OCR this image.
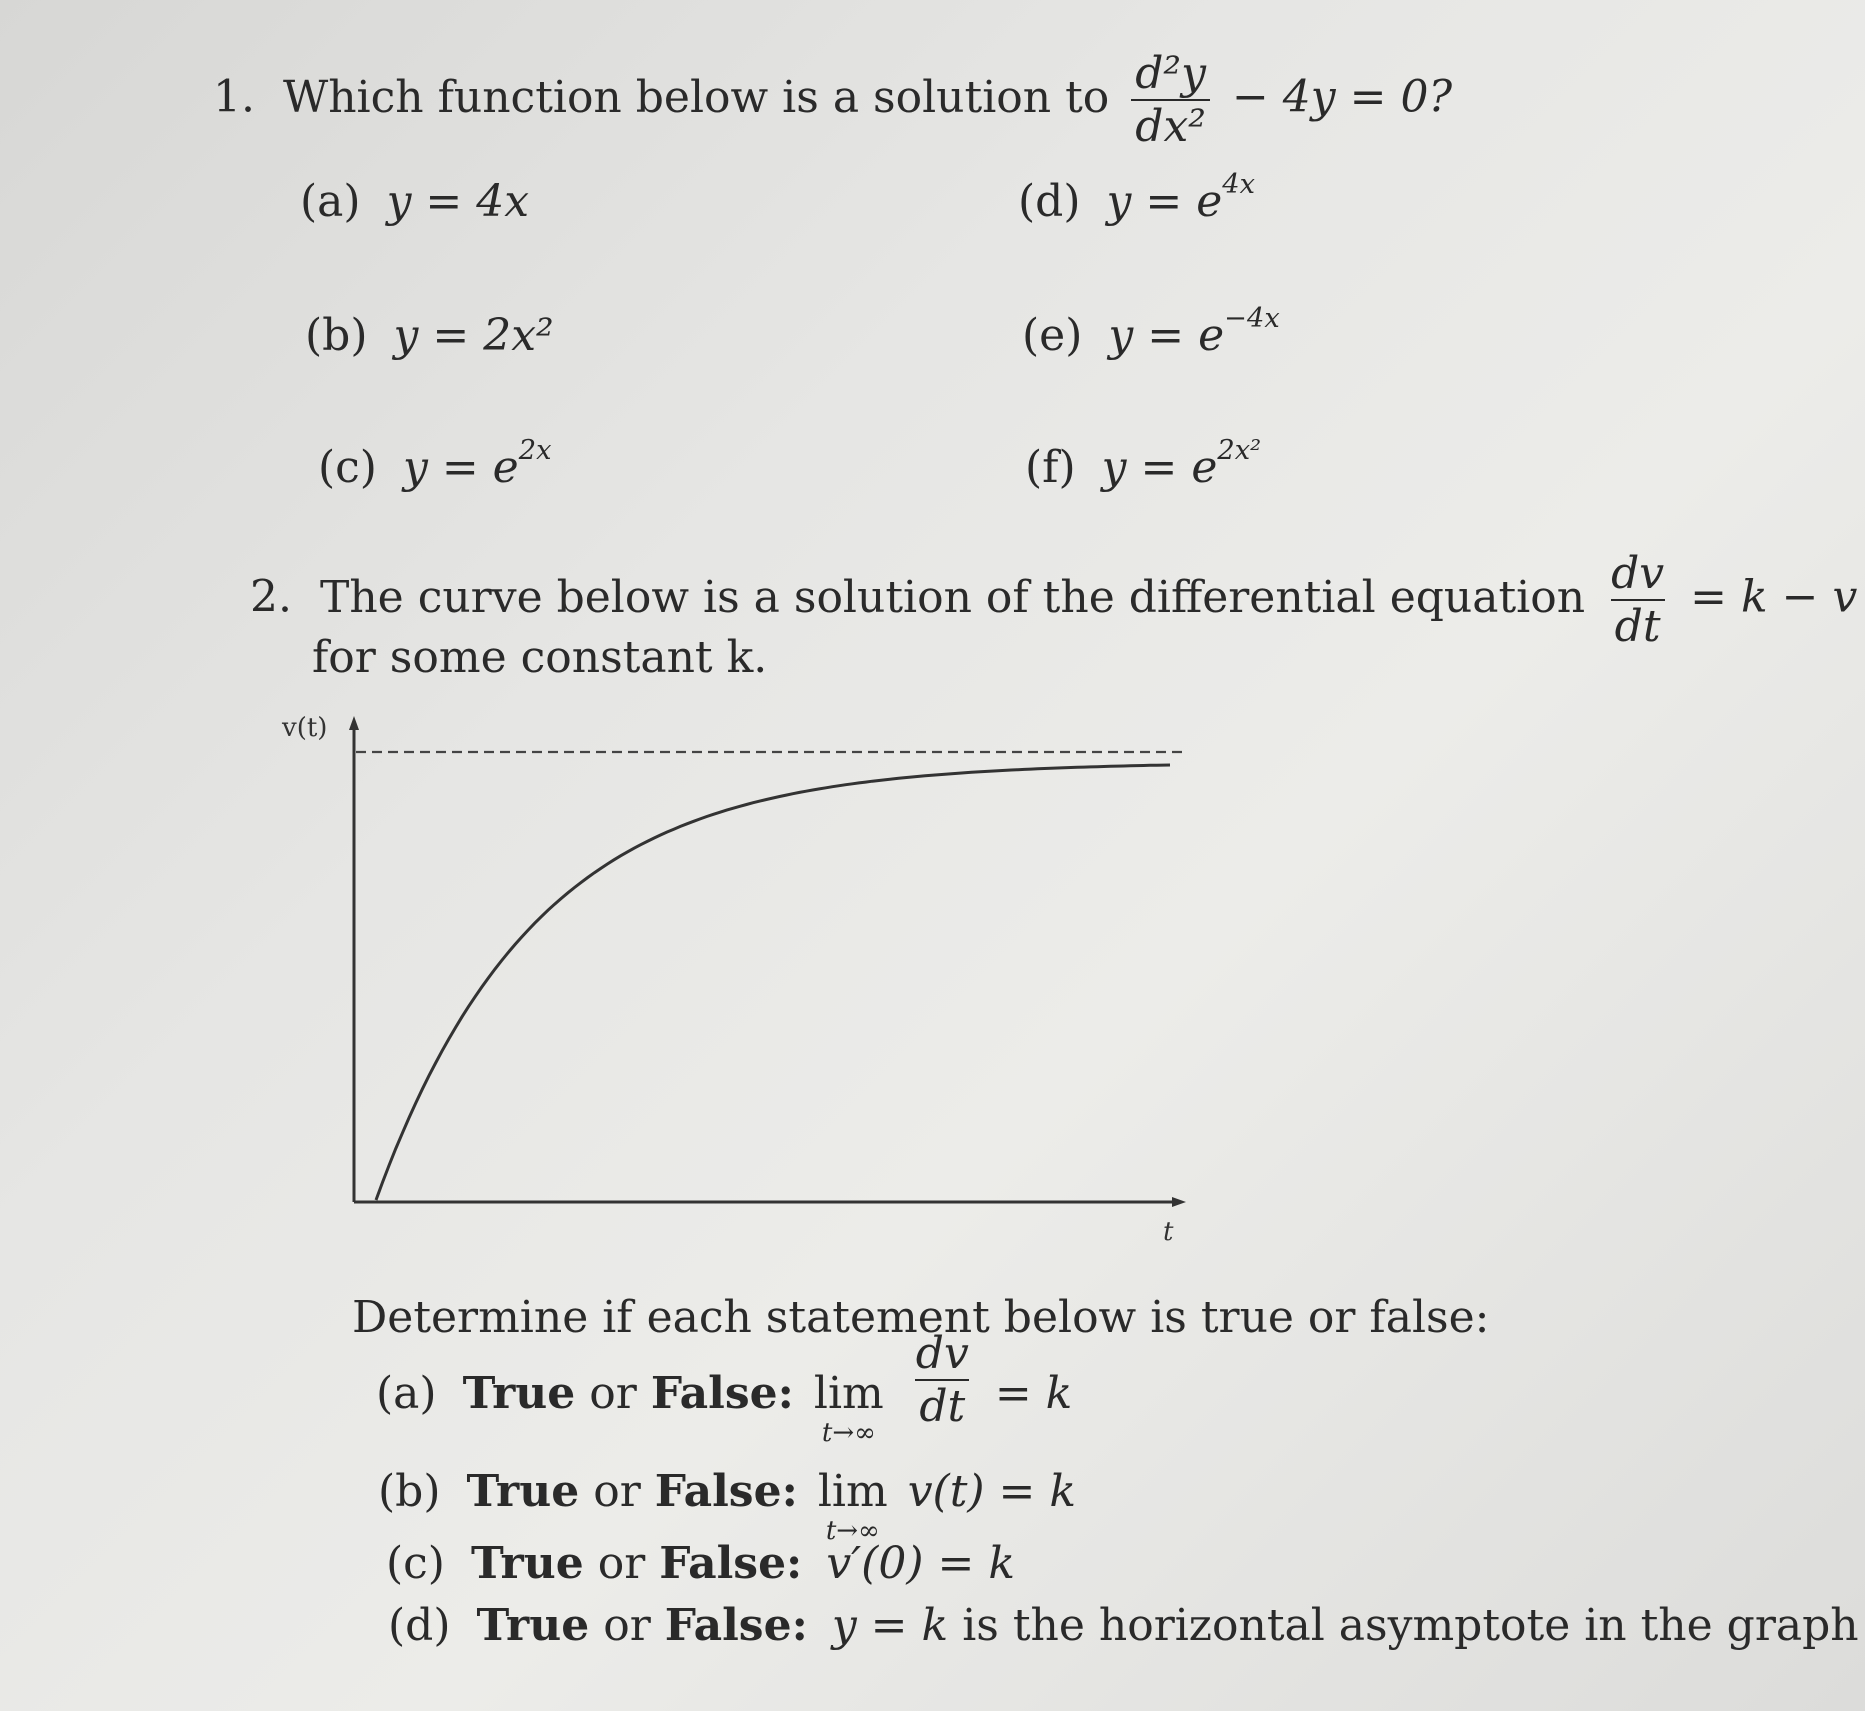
1. Which function below is a solution to $\frac{\text{d²y}}{\text{dx²}} - 4y = 0$?
(a) y = 4x
(b) y = 2x²
(c) $y = e^{2x}$
(d) $y = e^{4x}$
(e) $y = e^{-4x}$
(f) $y = e^{2x^2}$
2. The curve below is a solution of the differential equation $\frac{dv}{dt} = k - v$
for some constant k.
v(t)
t
Determine if each statement below is true or false:
(a) True or False: lim
t→∞

$\frac{dv}{dt} = k$
(b) True or False: lim
t→∞
v(t) = k
(c) True or False: v′(0) = k
(d) True or False: y = k is the horizontal asymptote in the graph
